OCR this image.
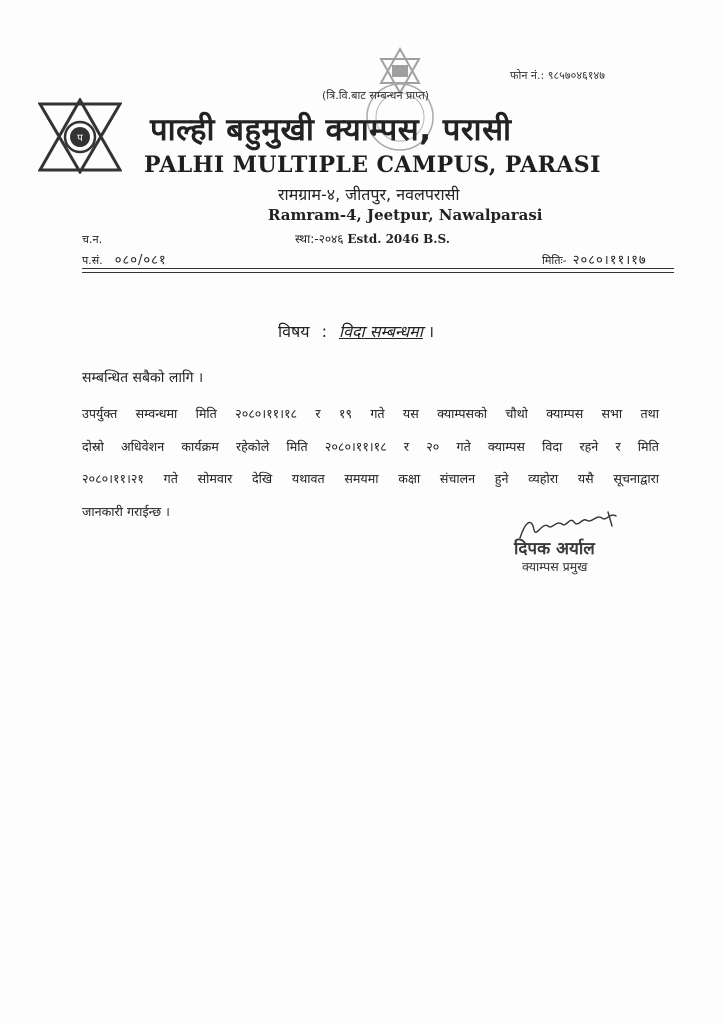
प
फोन नं.: ९८५७०४६१४७
(त्रि.वि.बाट सम्बन्धन प्राप्त)
पाल्ही बहुमुखी क्याम्पस, परासी
PALHI MULTIPLE CAMPUS, PARASI
रामग्राम-४, जीतपुर, नवलपरासी
Ramram-4, Jeetpur, Nawalparasi
स्था:-२०४६ Estd. 2046 B.S.
च.न.
प.सं. ०८०/०८१	मितिः- २०८०।११।१७
विषय : विदा सम्बन्धमा ।
सम्बन्धित सबैको लागि ।
उपर्युक्त सम्वन्धमा मिति २०८०।११।१८ र १९ गते यस क्याम्पसको चौथो क्याम्पस सभा तथा
दोस्रो अधिवेशन कार्यक्रम रहेकोले मिति २०८०।११।१८ र २० गते क्याम्पस विदा रहने र मिति
२०८०।११।२१ गते सोमवार देखि यथावत समयमा कक्षा संचालन हुने व्यहोरा यसै सूचनाद्वारा
जानकारी गराईन्छ ।
दिपक अर्याल
क्याम्पस प्रमुख
